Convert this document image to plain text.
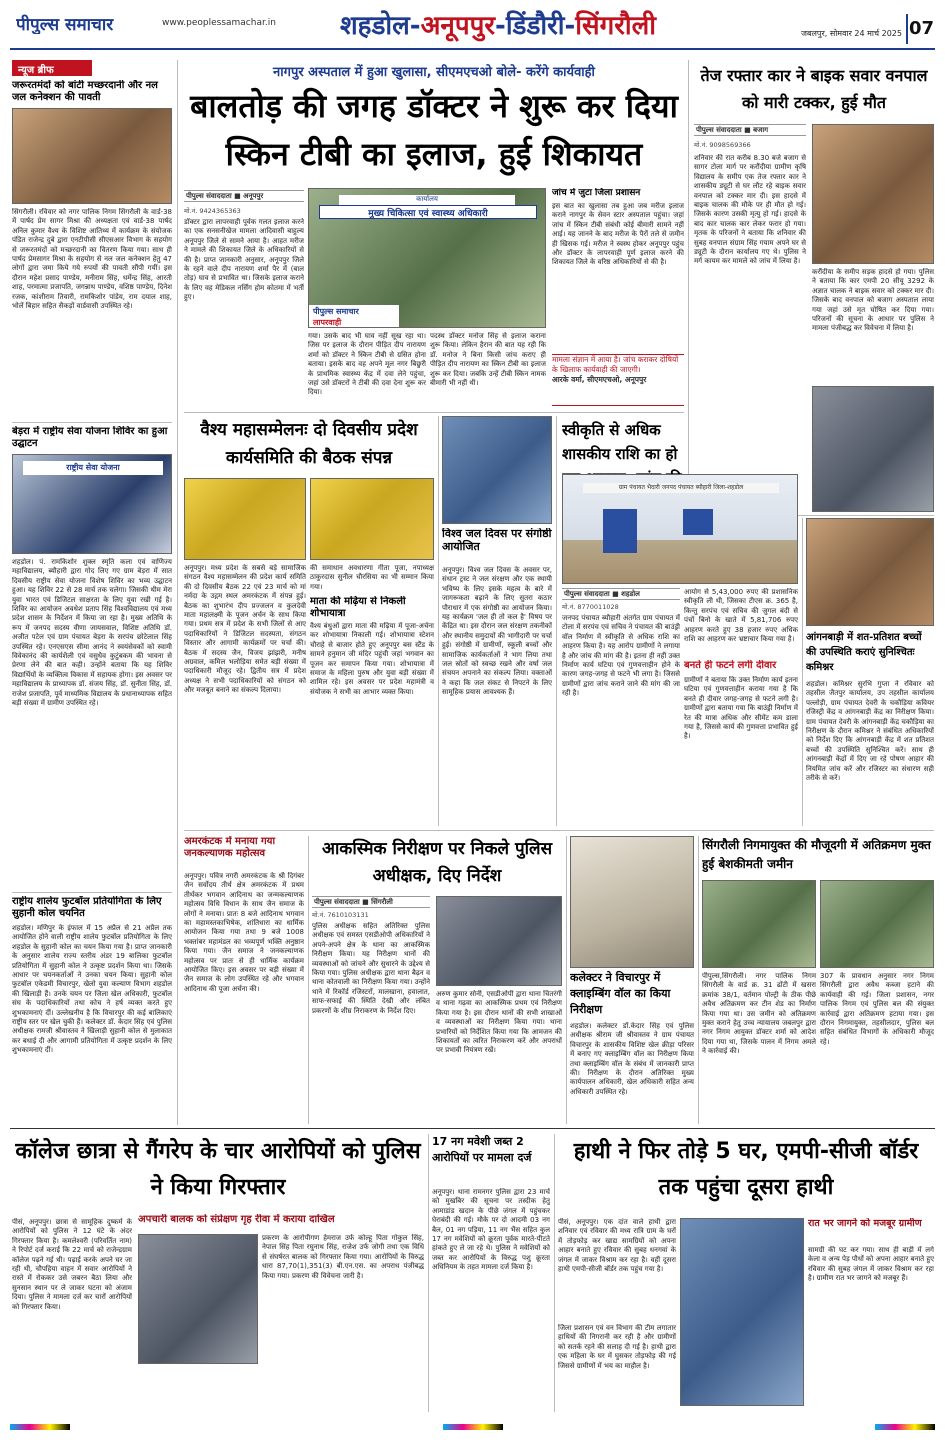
पीपुल्स समाचार	www.peoplessamachar.in	शहडोल-अनूपपुर-डिंडौरी-सिंगरौली	जबलपुर, सोमवार 24 मार्च 2025 07
न्यूज ब्रीफ
जरूरतमंदों को बांटी मच्छरदानी और नल जल कनेक्शन की पावती
सिंगरौली। रविवार को नगर पालिक निगम सिंगरौली के वार्ड-38 में पार्षद प्रेम सागर मिश्रा की अध्यक्षता एवं वार्ड-38 पार्षद अनिल कुमार वैश्य के विशिष्ट आतिथ्य में कार्यक्रम के संयोजक पंडित राजेन्द्र दुबे द्वारा एनटीपीसी सीएसआर विभाग के सहयोग से जरूरतमंदों को मच्छरदानी का वितरण किया गया। साथ ही पार्षद प्रेमसागर मिश्रा के सहयोग से नल जल कनेक्शन हेतु 47 लोगों द्वारा जमा किये गये रुपयों की पावती सौंपी गयीं। इस दौरान महेश प्रसाद पाण्डेय, मनीराम सिंह, धर्मेन्द्र सिंह, आरती शाह, परमात्मा प्रजापति, जगन्नाथ पाण्डेय, वशिष्ठ पाण्डेय, दिनेश रजक, कांशीराम तिवारी, रामकिशोर पांडेय, राम दयाल शाह, भोलें बिहार सहित सैकड़ों वार्डवासी उपस्थित रहे।
बेड़रा में राष्ट्रीय सेवा योजना शिविर का हुआ उद्घाटन
राष्ट्रीय सेवा योजना
शहडोल। पं. रामकिशोर शुक्ल स्मृति कला एवं वाणिज्य महाविद्यालय, ब्यौहारी द्वारा गोद लिए गए ग्राम बेड़रा में सात दिवसीय राष्ट्रीय सेवा योजना विशेष शिविर का भव्य उद्घाटन हुआ। यह शिविर 22 से 28 मार्च तक चलेगा। जिसकी थीम मेरा युवा भारत एवं डिजिटल साक्षरता के लिए युवा रखी गई है। शिविर का आयोजन अवधेश प्रताप सिंह विश्वविद्यालय एवं मध्य प्रदेश शासन के निर्देशन में किया जा रहा है। मुख्य अतिथि के रूप में जनपद सदस्य वीणा जायसवाल, विशिष्ट अतिथि डॉ. अजीत पटेल एवं ग्राम पंचायत बेड़रा के सरपंच छोटेलाल सिंह उपस्थित रहे। एनएसएस सीमा आनंद ने स्वयंसेवकों को स्वामी विवेकानंद की कार्यशैली एवं वसुधैव कुटुंबकम की भावना से प्रेरणा लेने की बात कही। उन्होंने बताया कि यह शिविर विद्यार्थियों के व्यक्तित्व विकास में सहायक होगा। इस अवसर पर महाविद्यालय के प्राध्यापक डॉ. संजय सिंह, डॉ. सुनीता सिंह, डॉ. राजेश प्रजापति, पूर्व माध्यमिक विद्यालय के प्रधानाध्यापक सहित बड़ी संख्या में ग्रामीण उपस्थित रहे।
राष्ट्रीय शालेय फुटबॉल प्रतियोगिता के लिए सुहानी कोल चयनित
शहडोल। मणिपुर के इंफाल में 15 अप्रैल से 21 अप्रैल तक आयोजित होने वाली राष्ट्रीय शालेय फुटबॉल प्रतियोगिता के लिए शहडोल के सुहानी कोल का चयन किया गया है। प्राप्त जानकारी के अनुसार शालेय राज्य स्तरीय अंडर 19 बालिका फुटबॉल प्रतियोगिता में सुहानी कोल ने उत्कृष्ट प्रदर्शन किया था। जिसके आधार पर चयनकर्ताओं ने उनका चयन किया। सुहानी कोल फुटबॉल एकेडमी विचारपुर, खेलो युवा कल्याण विभाग शहडोल की खिलाड़ी हैं। उनके चयन पर जिला खेल अधिकारी, फुटबॉल संघ के पदाधिकारियों तथा कोच ने हर्ष व्यक्त करते हुए शुभकामनाएं दीं। उल्लेखनीय है कि विचारपुर की कई बालिकाएं राष्ट्रीय स्तर पर खेल चुकी हैं। कलेक्टर डॉ. केदार सिंह एवं पुलिस अधीक्षक रामजी श्रीवास्तव ने खिलाड़ी सुहानी कोल से मुलाकात कर बधाई दी और आगामी प्रतियोगिता में उत्कृष्ट प्रदर्शन के लिए शुभकामनाएं दीं।
नागपुर अस्पताल में हुआ खुलासा, सीएमएचओ बोले- करेंगे कार्यवाही
बालतोड़ की जगह डॉक्टर ने शुरू कर दिया स्किन टीबी का इलाज, हुई शिकायत
पीपुल्स संवाददाता ■ अनूपपुर
मो.नं. 9424365363
डॉक्टर द्वारा लापरवाही पूर्वक गलत इलाज करने का एक सनसनीखेज मामला आदिवासी बाहुल्य अनूपपुर जिले से सामने आया है। आहत मरीज ने मामले की शिकायत जिले के अधिकारियों से की है। प्राप्त जानकारी अनुसार, अनूपपुर जिले के रहने वाले दीप नारायण शर्मा पैर में (बाल तोड़) घाव से प्रभावित था। जिसके इलाज कराने के लिए वह मेडिकल नर्सिंग होम कोतमा में भर्ती हुए।
कार्यालय
मुख्य चिकित्सा एवं स्वास्थ्य अधिकारी
पीपुल्स समाचार
लापरवाही
गया। उसके बाद भी घाव नहीं सूख रहा था। जिस पर इलाज के दौरान पीड़ित दीप नारायण शर्मा को डॉक्टर ने स्किन टीबी से ग्रसित होना बताया। इसके बाद वह अपने मूल नगर बिछुरी के प्राथमिक स्वास्थ्य केंद्र में दवा लेने पहुंचा, जहां उसे डॉक्टरों ने टीबी की दवा देना शुरू कर दिया।
पदस्थ डॉक्टर मनोज सिंह से इलाज कराना शुरू किया। लेकिन हैरान की बात यह रही कि डॉ. मनोज ने बिना किसी जांच कराए ही पीड़ित दीप नारायण का स्किन टीबी का इलाज शुरू कर दिया। जबकि उन्हें टीबी स्किन नामक बीमारी भी नहीं थी।
जांच में जुटा जिला प्रशासन
इस बात का खुलासा तब हुआ जब मरीज इलाज कराने नागपुर के सेवन स्टार अस्पताल पहुंचा। जहां जांच में स्किन टीबी संबंधी कोई बीमारी सामने नहीं आई। यह जानने के बाद मरीज के पैरों तले से जमीन ही खिसक गई। मरीज ने स्वस्थ होकर अनूपपुर पहुंच और डॉक्टर के लापरवाही पूर्ण इलाज करने की शिकायत जिले के वरिष्ठ अधिकारियों से की है।
मामला संज्ञान में आया है। जांच कराकर दोषियों के खिलाफ कार्यवाही की जाएगी।
आरके वर्मा, सीएमएचओ, अनूपपुर
तेज रफ्तार कार ने बाइक सवार वनपाल को मारी टक्कर, हुई मौत
पीपुल्स संवाददाता ■ बजाग
मो.नं. 9098569366
शनिवार की रात करीब 8.30 बजे बजाग से सागर टोला मार्ग पर करौंदीया ग्रामीण कृषि विद्यालय के समीप एक तेज रफ्तार कार ने शासकीय ड्यूटी से घर लौट रहे बाइक सवार वनपाल को टक्कर मार दी। इस हादसे में बाइक चालक की मौके पर ही मौत हो गई। जिसके कारण उसकी मृत्यु हो गई। हादसे के बाद कार चालक कार लेकर फरार हो गया। मृतक के परिजनों ने बताया कि शनिवार की सुबह वनपाल संग्राम सिंह गयाम अपने घर से ड्यूटी के दौरान कार्यालय गए थे। पुलिस ने मर्ग कायम कर मामले को जांच में लिया है।
करौंदीया के समीप सड़क हादसे हो गया। पुलिस ने बताया कि कार एमपी 20 सीयू 3292 के अज्ञात चालक ने बाइक सवार को टक्कर मार दी। जिसके बाद वनपाल को बजाग अस्पताल लाया गया जहां उसे मृत घोषित कर दिया गया। परिजनों की सूचना के आधार पर पुलिस ने मामला पंजीबद्ध कर विवेचना में लिया है।
वैश्य महासम्मेलनः दो दिवसीय प्रदेश कार्यसमिति की बैठक संपन्न
अनूपपुर। मध्य प्रदेश के सबसे बड़े सामाजिक संगठन वैश्य महासम्मेलन की प्रदेश कार्य समिति की दो दिवसीय बैठक 22 एवं 23 मार्च को मां नर्मदा के उद्गम स्थल अमरकंटक में संपन्न हुई। बैठक का शुभारंभ दीप प्रज्जलन व कुलदेवी माता महालक्ष्मी के पूजन अर्चन के साथ किया गया। प्रथम सत्र में प्रदेश के सभी जिलों से आए पदाधिकारियों ने डिजिटल सदस्यता, संगठन विस्तार और आगामी कार्यक्रमों पर चर्चा की। बैठक में सदस्य जैन, विजय झांझरी, मनीष अग्रवाल, कमिल भलोड़िया समेत बड़ी संख्या में पदाधिकारी मौजूद रहे। द्वितीय सत्र में प्रदेश अध्यक्ष ने सभी पदाधिकारियों को संगठन को और मजबूत बनाने का संकल्प दिलाया।
की समाधान अवधारणा गीता पूजा, नपाध्यक्ष ठाकुरदास सुनील चौरसिया का भी सम्मान किया गया।
माता की मढ़िया से निकली शोभायात्रा
वैश्य बंधुओं द्वारा माता की मढ़िया में पूजा-अर्चना कर शोभायात्रा निकाली गई। शोभायात्रा स्टेशन चौराहे से बाजार होते हुए अनूपपुर बस स्टैंड के सामने हनुमान जी मंदिर पहुंची जहां भगवान का पूजन कर समापन किया गया। शोभायात्रा में समाज के महिला पुरुष और युवा बड़ी संख्या में शामिल रहे। इस अवसर पर प्रदेश महामंत्री व संयोजक ने सभी का आभार व्यक्त किया।
विश्व जल दिवस पर संगोष्ठी आयोजित
अनूपपुर। विश्व जल दिवस के अवसर पर, संधान ट्रस्ट ने जल संरक्षण और एक स्थायी भविष्य के लिए इसके महत्व के बारे में जागरूकता बढ़ाने के लिए सुतरा कठार पौराधार में एक संगोष्ठी का आयोजन किया। यह कार्यक्रम 'जल ही तो कल है' विषय पर केंद्रित था। इस दौरान जल संरक्षण तकनीकों और स्थानीय समुदायों की भागीदारी पर चर्चा हुई। संगोष्ठी में ग्रामीणों, स्कूली बच्चों और सामाजिक कार्यकर्ताओं ने भाग लिया तथा जल स्रोतों को स्वच्छ रखने और वर्षा जल संचयन अपनाने का संकल्प लिया। वक्ताओं ने कहा कि जल संकट से निपटने के लिए सामूहिक प्रयास आवश्यक हैं।
स्वीकृति से अधिक शासकीय राशि का हो
ग्राम पंचायत भैदारी जनपद पंचायत ब्यौहारी जिला-शहडोल
पीपुल्स संवाददाता ■ शहडोल
मो.नं. 8770011028
जनपद पंचायत ब्यौहारी अंतर्गत ग्राम पंचायत में टोला में सरपंच एवं सचिव ने पंचायत की बाउंड्री वॉल निर्माण में स्वीकृति से अधिक राशि का आहरण किया है। यह आरोप ग्रामीणों ने लगाया है और जांच की मांग की है। इतना ही नहीं उक्त निर्माण कार्य घटिया एवं गुणवत्ताहीन होने के कारण जगह-जगह से फटने भी लगा है। जिससे ग्रामीणों द्वारा जांच कराने जाने की मांग की जा रही है।
आयोग से 5,43,000 रुपए की प्रशासनिक स्वीकृति ली थी, जिसका टीएस क्र. 365 है, किन्तु सरपंच एवं सचिव की जुगल बंदी से पंचों बिनो के खाते में 5,81,706 रुपए आहरण करते हुए 38 हजार रुपए अधिक राशि का आहरण कर भ्रष्टाचार किया गया है।
बनते ही फटने लगी दीवार
ग्रामीणों ने बताया कि उक्त निर्माण कार्य इतना घटिया एवं गुणवत्ताहीन कराया गया है कि बनते ही दीवार जगह-जगह से फटने लगी है। ग्रामीणों द्वारा बताया गया कि बाउंड्री निर्माण में रेत की मात्रा अधिक और सीमेंट कम डाला गया है, जिससे कार्य की गुणवत्ता प्रभावित हुई है।
आंगनबाड़ी में शत-प्रतिशत बच्चों की उपस्थिति कराएं सुनिश्चितः कमिश्नर
शहडोल। कमिश्नर सुरभि गुप्ता ने रविवार को तहसील जैतपुर कार्यालय, उप तहसील कार्यालय पल्लोड़ी, ग्राम पंचायत देवरी के चकौड़िया कवियर रजिस्ट्री केंद्र व आंगनबाड़ी केंद्र का निरीक्षण किया। ग्राम पंचायत देवरी के आंगनबाड़ी केंद्र चकौड़िया का निरीक्षण के दौरान कमिश्नर ने संबंधित अधिकारियों को निर्देश दिए कि आंगनबाड़ी केंद्र में शत प्रतिशत बच्चों की उपस्थिति सुनिश्चित करें। साथ ही आंगनबाड़ी केंद्रों में दिए जा रहे पोषण आहार की नियमित जांच करें और रजिस्टर का संधारण सही तरीके से करें।
अमरकंटक में मनाया गया जनकल्याणक महोत्सव
अनूपपुर। पवित्र नगरी अमरकंटक के श्री दिगंबर जैन सर्वोदय तीर्थ क्षेत्र अमरकंटक में प्रथम तीर्थंकर भगवान आदिनाथ का जन्मकल्याणक महोत्सव विधि विधान के साथ जैन समाज के लोगों ने मनाया। प्रातः 8 बजे आदिनाथ भगवान का महामस्तकाभिषेक, शांतिधारा का धार्मिक आयोजन किया गया तथा 9 बजे 1008 भक्तांबर महामंडल का भव्यपूर्ण भक्ति अनुष्ठान किया गया। जैन समाज ने जनकल्याणक महोत्सव पर प्रातः से ही धार्मिक कार्यक्रम आयोजित किए। इस अवसर पर बड़ी संख्या में जैन समाज के लोग उपस्थित रहे और भगवान आदिनाथ की पूजा अर्चना की।
आकस्मिक निरीक्षण पर निकले पुलिस अधीक्षक, दिए निर्देश
पीपुल्स संवाददाता ■ सिंगरौली
मो.नं. 7610103131
पुलिस अधीक्षक सहित अतिरिक्त पुलिस अधीक्षक एवं समस्त एसडीओपी अधिकारियों ने अपने-अपने क्षेत्र के थाना का आकस्मिक निरीक्षण किया। यह निरीक्षण थानों की व्यवस्थाओं को जांचने और सुधारने के उद्देश्य से किया गया। पुलिस अधीक्षक द्वारा थाना बैढ़न व थाना कोतवाली का निरीक्षण किया गया। उन्होंने थाने में रिकॉर्ड रजिस्टरों, मालखाना, हवालात, साफ-सफाई की स्थिति देखी और लंबित प्रकरणों के शीघ्र निराकरण के निर्देश दिए।
अरुण कुमार सोनी, एसडीओपी द्वारा थाना चितरंगी व थाना गढ़वा का आकस्मिक प्रथम एवं निरीक्षण किया गया है। इस दौरान थानों की सभी शाखाओं व व्यवस्थाओं का निरीक्षण किया गया। थाना प्रभारियों को निर्देशित किया गया कि आमजन की शिकायतों का त्वरित निराकरण करें और अपराधों पर प्रभावी नियंत्रण रखें।
कलेक्टर ने विचारपुर में क्लाइम्बिंग वॉल का किया निरीक्षण
शहडोल। कलेक्टर डॉ.केदार सिंह एवं पुलिस अधीक्षक श्रीराम जी श्रीवास्तव ने ग्राम पंचायत विचारपुर के शासकीय विशिष्ट खेल क्रीड़ा परिसर में बनाए गए क्लाइम्बिंग वॉल का निरीक्षण किया तथा क्लाइम्बिंग वॉल के संबंध में जानकारी प्राप्त की। निरीक्षण के दौरान अतिरिक्त मुख्य कार्यपालन अधिकारी, खेल अधिकारी सहित अन्य अधिकारी उपस्थित रहे।
सिंगरौली निगमायुक्त की मौजूदगी में अतिक्रमण मुक्त हुई बेशकीमती जमीन
पीपुल्स,सिंगरौली। नगर पालिक निगम सिंगरौली के वार्ड क्र. 31 ढोंटी में खसरा क्रमांक 38/1, वर्तमान पोल्ट्री के ठीक पीछे अवैध अतिक्रमण कर टीन शेड का निर्माण किया गया था। उस जमीन को अतिक्रमण मुक्त कराने हेतु उच्च न्यायालय जबलपुर द्वारा नगर निगम आयुक्त डॉक्टर शर्मा को आदेश दिया गया था, जिसके पालन में निगम अमले ने कार्रवाई की।
307 के प्रावधान अनुसार नगर निगम सिंगरौली द्वारा अवैध कब्जा हटाने की कार्यवाही की गई। जिला प्रशासन, नगर पालिक निगम एवं पुलिस बल की संयुक्त कार्रवाई द्वारा अतिक्रमण हटाया गया। इस दौरान निगमायुक्त, तहसीलदार, पुलिस बल सहित संबंधित विभागों के अधिकारी मौजूद रहे।
कॉलेज छात्रा से गैंगरेप के चार आरोपियों को पुलिस ने किया गिरफ्तार
पीसं, अनूपपुर। छात्रा से सामूहिक दुष्कर्म के आरोपियों को पुलिस ने 12 घंटे के अंदर गिरफ्तार किया है। कमलेश्वरी (परिवर्तित नाम) ने रिपोर्ट दर्ज कराई कि 22 मार्च को राजेन्द्रग्राम कॉलेज पढ़ने गई थी। पढ़ाई करके अपने घर जा रही थी, चौपहिया वाहन में सवार आरोपियों ने रास्ते में रोककर उसे जबरन बैठा लिया और सुनसान स्थान पर ले जाकर घटना को अंजाम दिया। पुलिस ने मामला दर्ज कर चारों आरोपियों को गिरफ्तार किया।
अपचारी बालक को संप्रेक्षण गृह रीवा में कराया दाखिल
प्रकरण के आरोपीगण हेमराज उर्फ कोल्हू पिता गोकुल सिंह, नेपाल सिंह पिता रघुनाथ सिंह, राजेश उर्फ जोगी तथा एक विधि से संघर्षरत बालक को गिरफ्तार किया गया। आरोपियों के विरुद्ध धारा 87,70(1),351(3) बी.एन.एस. का अपराध पंजीबद्ध किया गया। प्रकरण की विवेचना जारी है।
17 नग मवेशी जब्त 2 आरोपियों पर मामला दर्ज
अनूपपुर। थाना रामनगर पुलिस द्वारा 23 मार्च को मुखबिर की सूचना पर तस्दीक हेतु आमाडांड खदान के पीछे जंगल में पहुंचकर घेराबंदी की गई। मौके पर दो आदमी 03 नग बैल, 01 नग पड़िया, 11 नग भैंस सहित कुल 17 नग मवेशियों को क्रूरता पूर्वक मारते-पीटते हांकते हुए ले जा रहे थे। पुलिस ने मवेशियों को जब्त कर आरोपियों के विरुद्ध पशु क्रूरता अधिनियम के तहत मामला दर्ज किया है।
हाथी ने फिर तोड़े 5 घर, एमपी-सीजी बॉर्डर तक पहुंचा दूसरा हाथी
पीसं, अनूपपुर। एक दांत वाले हाथी द्वारा शनिवार एवं रविवार की मध्य रात्रि ग्राम के घरों में तोड़फोड़ कर खाद्य सामग्रियों को अपना आहार बनाते हुए रविवार की सुबह धनगवां के जंगल में जाकर विश्राम कर रहा है। वहीं दूसरा हाथी एमपी-सीजी बॉर्डर तक पहुंच गया है।
जिला प्रशासन एवं वन विभाग की टीम लगातार हाथियों की निगरानी कर रही है और ग्रामीणों को सतर्क रहने की सलाह दी गई है। हाथी द्वारा एक महिला के घर में घुसकर तोड़फोड़ की गई जिससे ग्रामीणों में भय का माहौल है।
रात भर जागने को मजबूर ग्रामीण
सामग्री की घट कर गया। साथ ही बाड़ी में लगे केला व अन्य पेड़ पौधों को अपना आहार बनाते हुए रविवार की सुबह जंगल में जाकर विश्राम कर रहा है। ग्रामीण रात भर जागने को मजबूर हैं।
